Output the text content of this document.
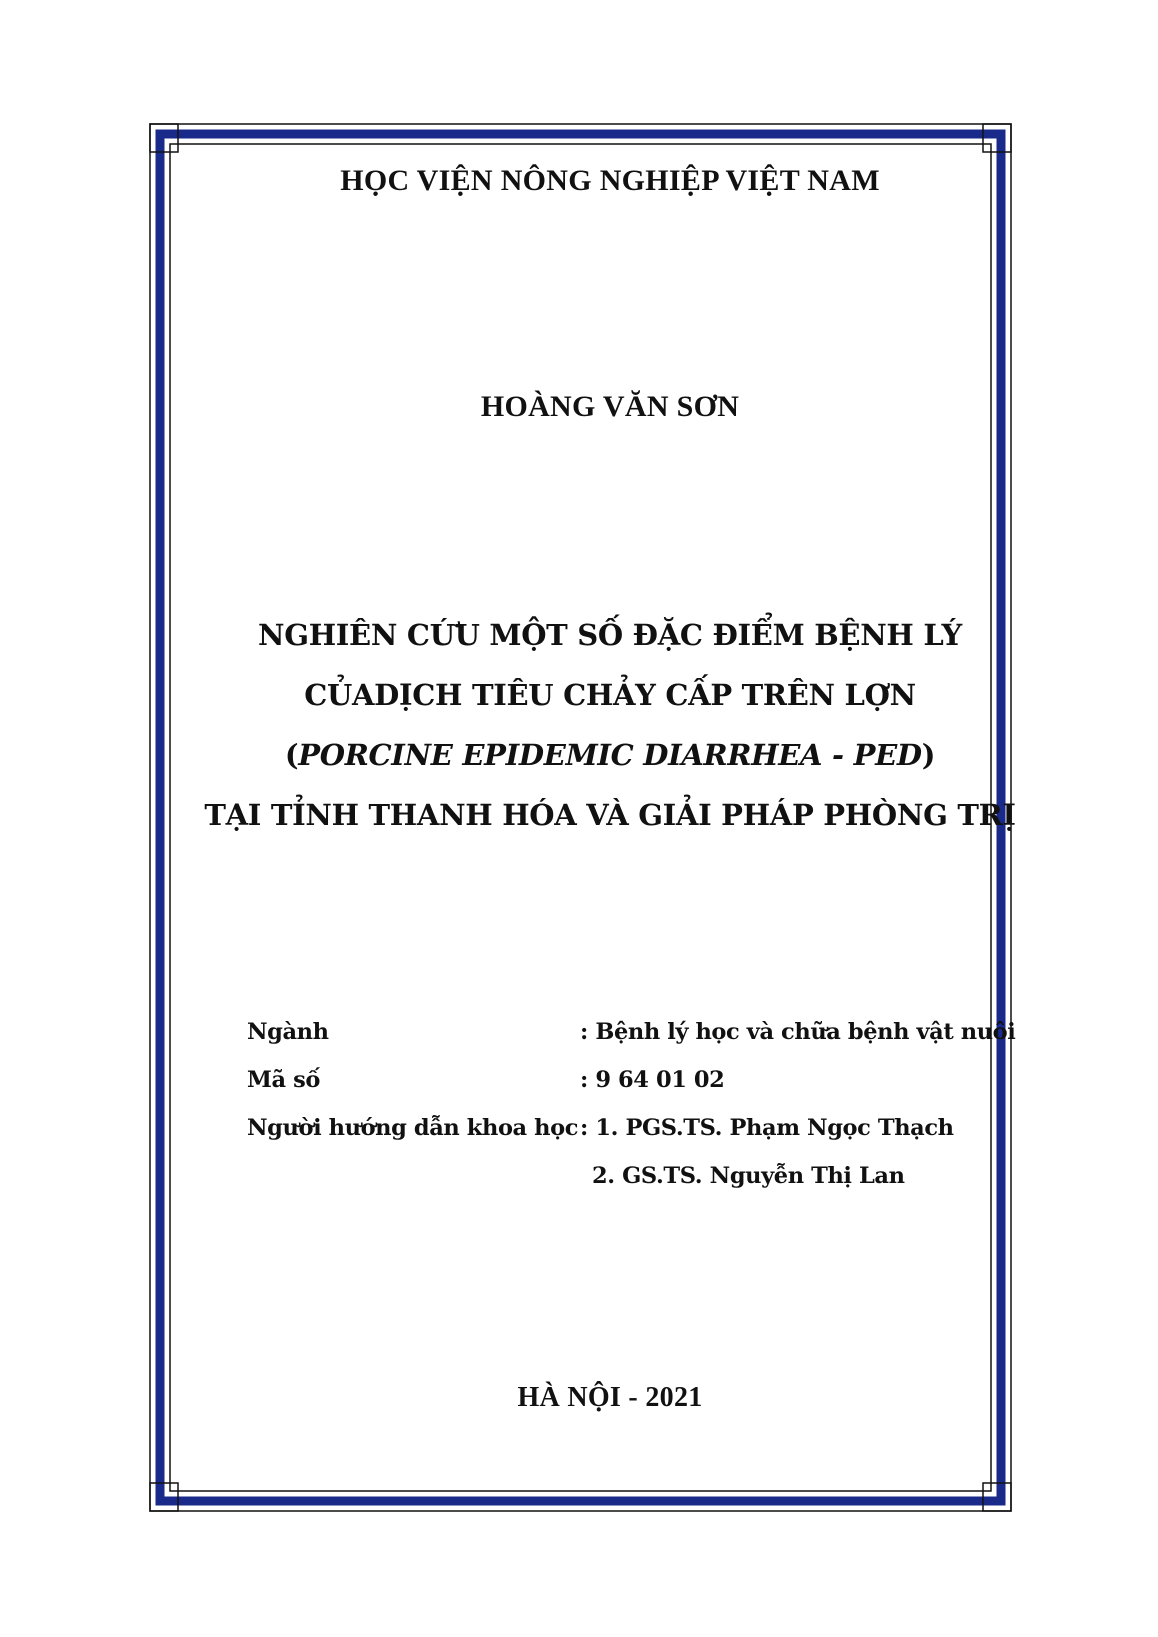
HỌC VIỆN NÔNG NGHIỆP VIỆT NAM
HOÀNG VĂN SƠN
NGHIÊN CỨU MỘT SỐ ĐẶC ĐIỂM BỆNH LÝ
CỦADỊCH TIÊU CHẢY CẤP TRÊN LỢN
(PORCINE EPIDEMIC DIARRHEA - PED)
TẠI TỈNH THANH HÓA VÀ GIẢI PHÁP PHÒNG TRỊ
Ngành	: Bệnh lý học và chữa bệnh vật nuôi
Mã số	: 9 64 01 02
Người hướng dẫn khoa học : 1. PGS.TS. Phạm Ngọc Thạch
2. GS.TS. Nguyễn Thị Lan
HÀ NỘI - 2021
